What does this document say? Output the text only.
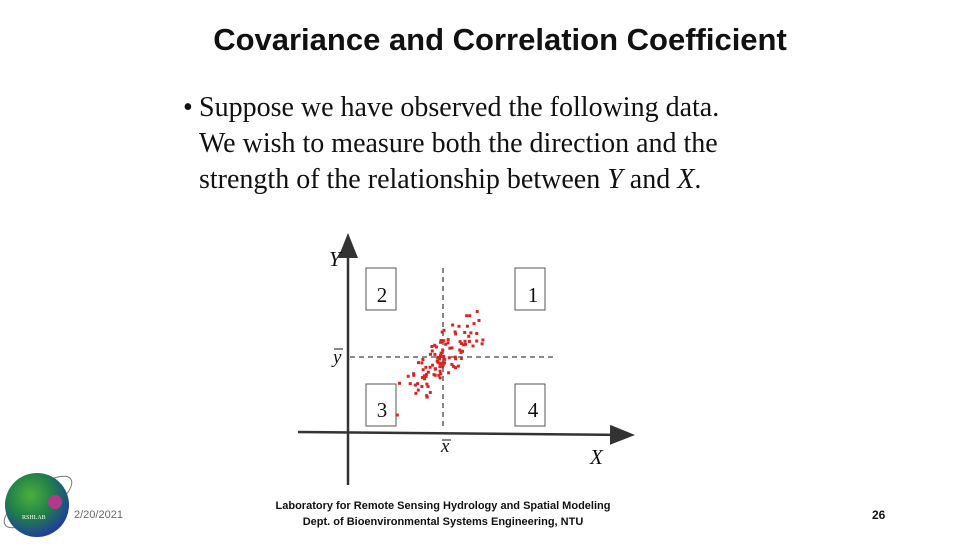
Covariance and Correlation Coefficient
• Suppose we have observed the following data.
We wish to measure both the direction and the
strength of the relationship between Y and X.
2	1
3	4
Y
X
y
x
RSHLAB	2/20/2021
Laboratory for Remote Sensing Hydrology and Spatial Modeling
Dept. of Bioenvironmental Systems Engineering, NTU	26
